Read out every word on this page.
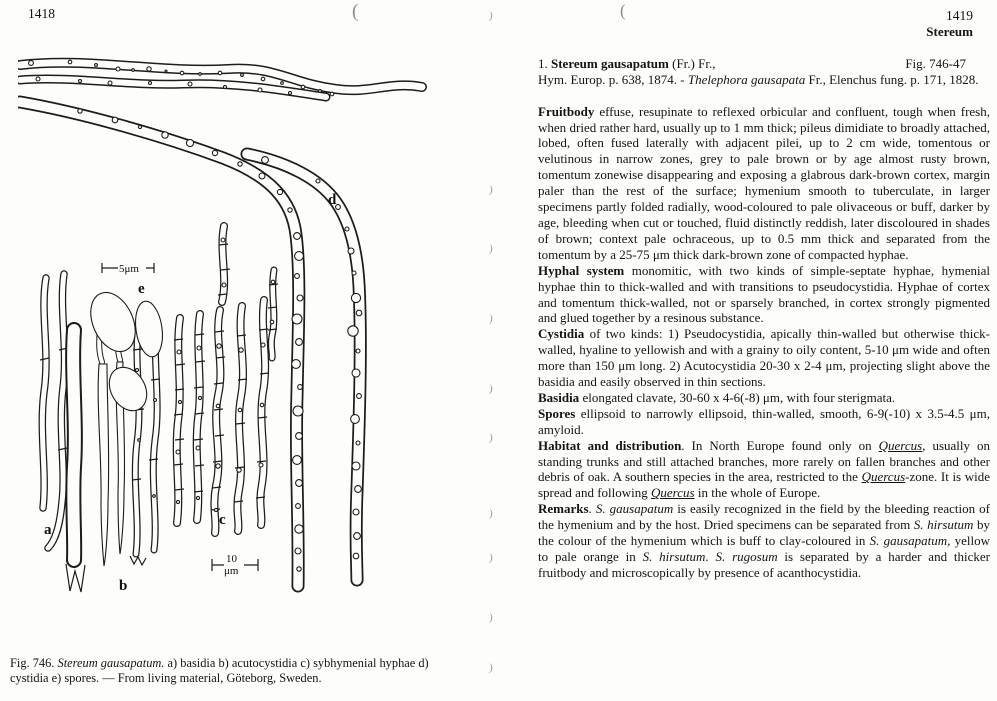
1418	(	(
5μm
10
μm
a
b
c
d
e

Fig. 746. Stereum gausapatum. a) basidia b) acutocystidia c) sybhymenial hyphae d) cystidia e) spores. — From living material, Göteborg, Sweden.

1419
Stereum
1. Stereum gausapatum (Fr.) Fr.,	Fig. 746-47

Hym. Europ. p. 638, 1874. - Thelephora gausapata Fr., Elenchus fung. p. 171, 1828.

Fruitbody effuse, resupinate to reflexed orbicular and confluent, tough when fresh, when dried rather hard, usually up to 1 mm thick; pileus dimidiate to broadly attached, lobed, often fused laterally with adjacent pilei, up to 2 cm wide, tomentous or velutinous in narrow zones, grey to pale brown or by age almost rusty brown, tomentum zonewise disappearing and exposing a glabrous dark-brown cortex, margin paler than the rest of the surface; hymenium smooth to tuberculate, in larger specimens partly folded radially, wood-coloured to pale olivaceous or buff, darker by age, bleeding when cut or touched, fluid distinctly reddish, later discoloured in shades of brown; context pale ochraceous, up to 0.5 mm thick and separated from the tomentum by a 25-75 μm thick dark-brown zone of compacted hyphae.

Hyphal system monomitic, with two kinds of simple-septate hyphae, hymenial hyphae thin to thick-walled and with transitions to pseudocystidia. Hyphae of cortex and tomentum thick-walled, not or sparsely branched, in cortex strongly pigmented and glued together by a resinous substance.

Cystidia of two kinds: 1) Pseudocystidia, apically thin-walled but otherwise thick-walled, hyaline to yellowish and with a grainy to oily content, 5-10 μm wide and often more than 150 μm long. 2) Acutocystidia 20-30 x 2-4 μm, projecting slight above the basidia and easily observed in thin sections.

Basidia elongated clavate, 30-60 x 4-6(-8) μm, with four sterigmata.

Spores ellipsoid to narrowly ellipsoid, thin-walled, smooth, 6-9(-10) x 3.5-4.5 μm, amyloid.

Habitat and distribution. In North Europe found only on Quercus, usually on standing trunks and still attached branches, more rarely on fallen branches and other debris of oak. A southern species in the area, restricted to the Quercus-zone. It is wide spread and following Quercus in the whole of Europe.

Remarks. S. gausapatum is easily recognized in the field by the bleeding reaction of the hymenium and by the host. Dried specimens can be separated from S. hirsutum by the colour of the hymenium which is buff to clay-coloured in S. gausapatum, yellow to pale orange in S. hirsutum. S. rugosum is separated by a harder and thicker fruitbody and microscopically by presence of acanthocystidia.

)
)
)
)
)
)
)
)
)
)
